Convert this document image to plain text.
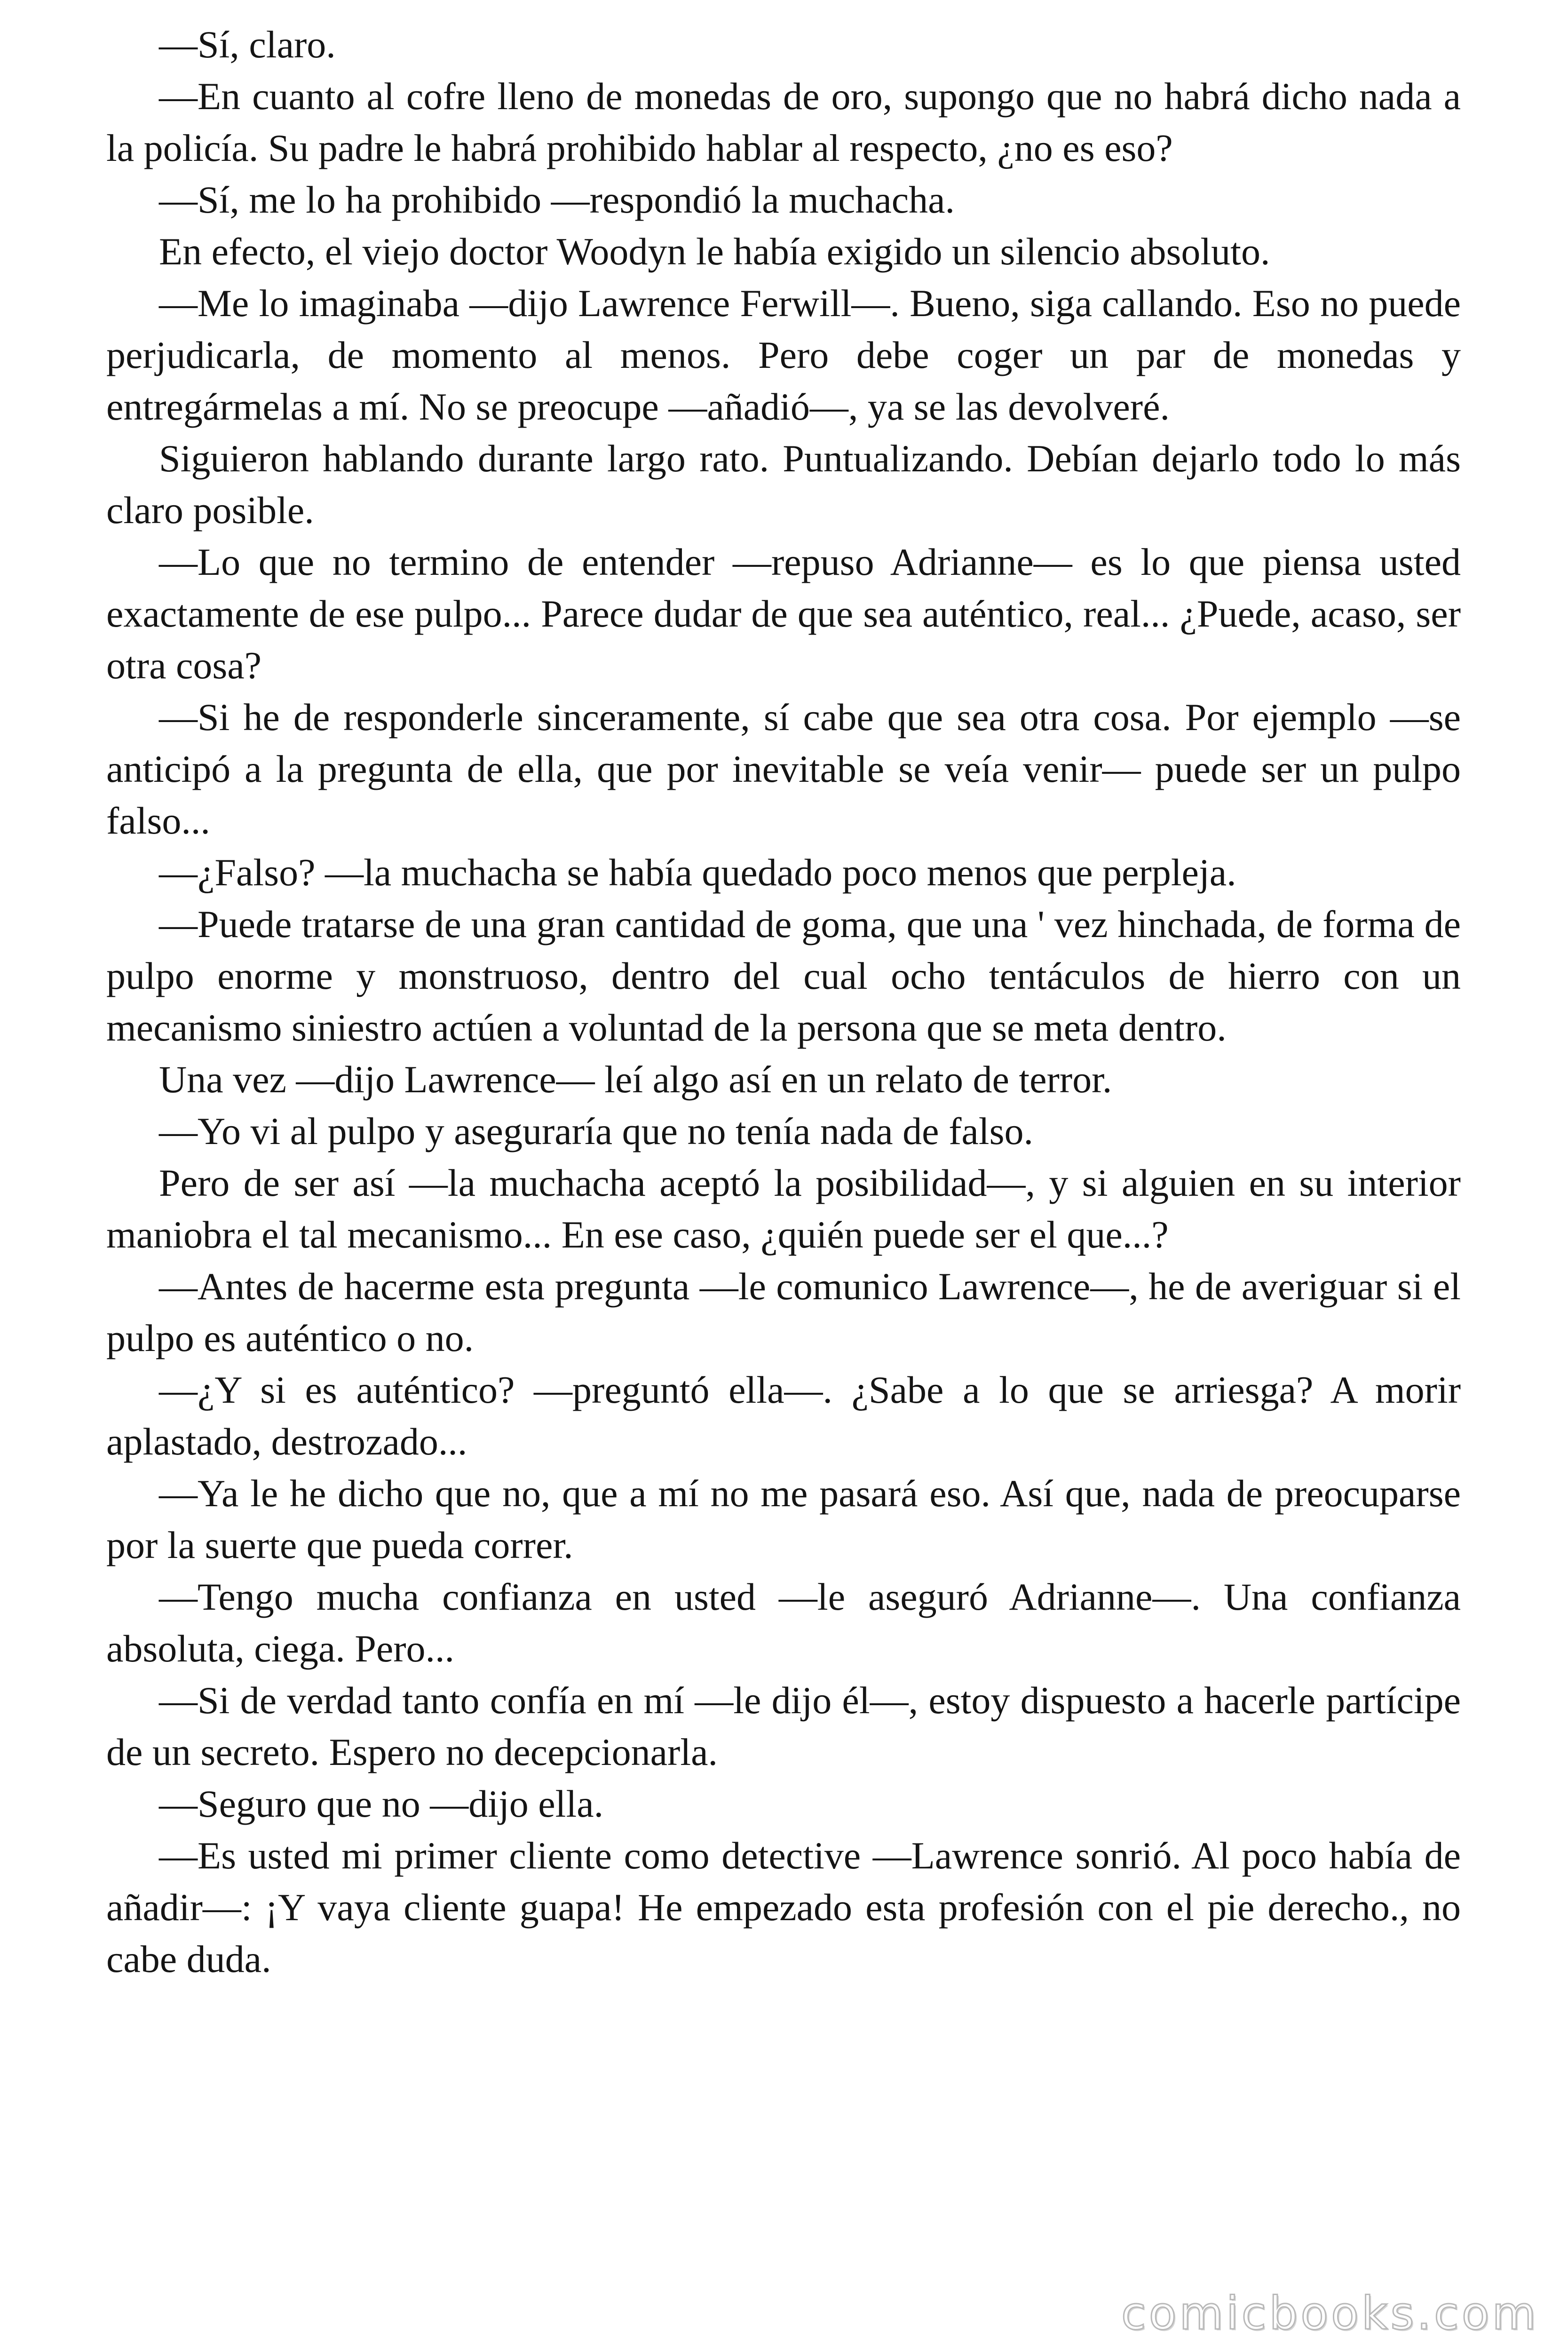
—Sí, claro.

—En cuanto al cofre lleno de monedas de oro, supongo que no habrá dicho nada a la policía. Su padre le habrá prohibido hablar al respecto, ¿no es eso?

—Sí, me lo ha prohibido —respondió la muchacha.

En efecto, el viejo doctor Woodyn le había exigido un silencio absoluto.

—Me lo imaginaba —dijo Lawrence Ferwill—. Bueno, siga callando. Eso no puede perjudicarla, de momento al menos. Pero debe coger un par de monedas y entregármelas a mí. No se preocupe —añadió—, ya se las devolveré.

Siguieron hablando durante largo rato. Puntualizando. Debían dejarlo todo lo más claro posible.

—Lo que no termino de entender —repuso Adrianne— es lo que piensa usted exactamente de ese pulpo... Parece dudar de que sea auténtico, real... ¿Puede, acaso, ser otra cosa?

—Si he de responderle sinceramente, sí cabe que sea otra cosa. Por ejemplo —se anticipó a la pregunta de ella, que por inevitable se veía venir— puede ser un pulpo falso...

—¿Falso? —la muchacha se había quedado poco menos que perpleja.

—Puede tratarse de una gran cantidad de goma, que una ' vez hinchada, de forma de pulpo enorme y monstruoso, dentro del cual ocho tentáculos de hierro con un mecanismo siniestro actúen a voluntad de la persona que se meta dentro.

Una vez —dijo Lawrence— leí algo así en un relato de terror.

—Yo vi al pulpo y aseguraría que no tenía nada de falso.

Pero de ser así —la muchacha aceptó la posibilidad—, y si alguien en su interior maniobra el tal mecanismo... En ese caso, ¿quién puede ser el que...?

—Antes de hacerme esta pregunta —le comunico Lawrence—, he de averiguar si el pulpo es auténtico o no.

—¿Y si es auténtico? —preguntó ella—. ¿Sabe a lo que se arriesga? A morir aplastado, destrozado...

—Ya le he dicho que no, que a mí no me pasará eso. Así que, nada de preocuparse por la suerte que pueda correr.

—Tengo mucha confianza en usted —le aseguró Adrianne—. Una confianza absoluta, ciega. Pero...

—Si de verdad tanto confía en mí —le dijo él—, estoy dispuesto a hacerle partícipe de un secreto. Espero no decepcionarla.

—Seguro que no —dijo ella.

—Es usted mi primer cliente como detective —Lawrence sonrió. Al poco había de añadir—: ¡Y vaya cliente guapa! He empezado esta profesión con el pie derecho., no cabe duda.

comicbooks.com
